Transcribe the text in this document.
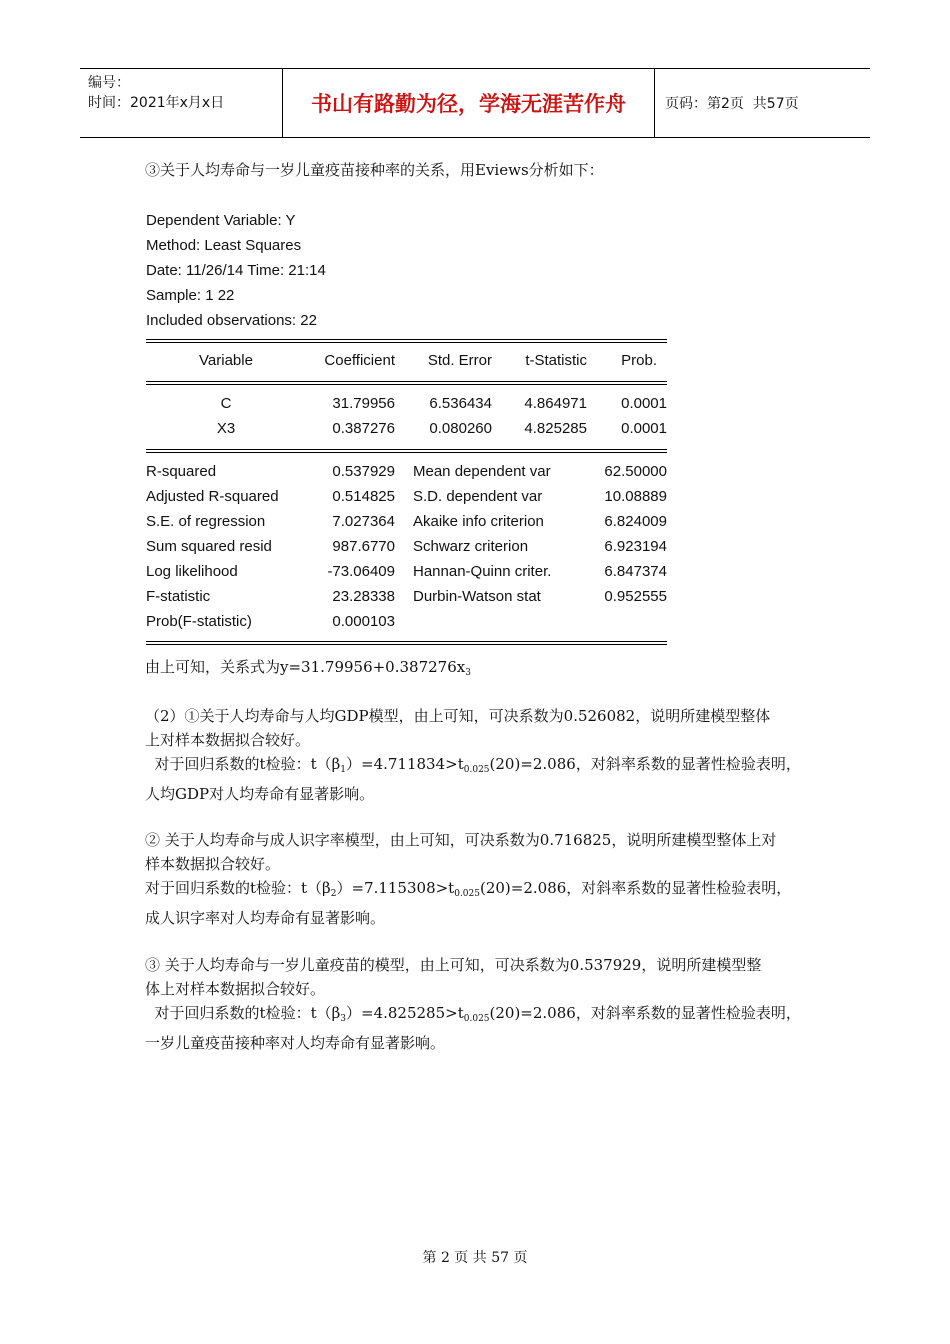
编号：
时间：2021年x月x日	书山有路勤为径，学海无涯苦作舟	页码：第2页  共57页
③关于人均寿命与一岁儿童疫苗接种率的关系，用Eviews分析如下：
Dependent Variable: Y
Method: Least Squares
Date: 11/26/14 Time: 21:14
Sample: 1 22
Included observations: 22
Variable	Coefficient Std. Error t-Statistic Prob.
C	31.79956 6.536434 4.864971 0.0001
X3	0.387276 0.080260 4.825285 0.0001
R-squared	0.537929 Mean dependent var	62.50000
Adjusted R-squared	0.514825 S.D. dependent var	10.08889
S.E. of regression	7.027364 Akaike info criterion	6.824009
Sum squared resid	987.6770 Schwarz criterion	6.923194
Log likelihood	-73.06409 Hannan-Quinn criter.	6.847374
F-statistic	23.28338 Durbin-Watson stat	0.952555
Prob(F-statistic)	0.000103
由上可知，关系式为$y=31.79956+0.387276x_3$
（2）①关于人均寿命与人均GDP模型，由上可知，可决系数为0.526082，说明所建模型整体
上对样本数据拟合较好。
对于回归系数的t检验：$t(\beta_1)=4.711834>t_{0.025}(20)=2.086$，对斜率系数的显著性检验表明，
人均GDP对人均寿命有显著影响。
② 关于人均寿命与成人识字率模型，由上可知，可决系数为0.716825，说明所建模型整体上对
样本数据拟合较好。
对于回归系数的t检验：$t(\beta_2)=7.115308>t_{0.025}(20)=2.086$，对斜率系数的显著性检验表明，
成人识字率对人均寿命有显著影响。
③ 关于人均寿命与一岁儿童疫苗的模型，由上可知，可决系数为0.537929，说明所建模型整
体上对样本数据拟合较好。
对于回归系数的t检验：$t(\beta_3)=4.825285>t_{0.025}(20)=2.086$，对斜率系数的显著性检验表明，
一岁儿童疫苗接种率对人均寿命有显著影响。
第 2 页 共 57 页
